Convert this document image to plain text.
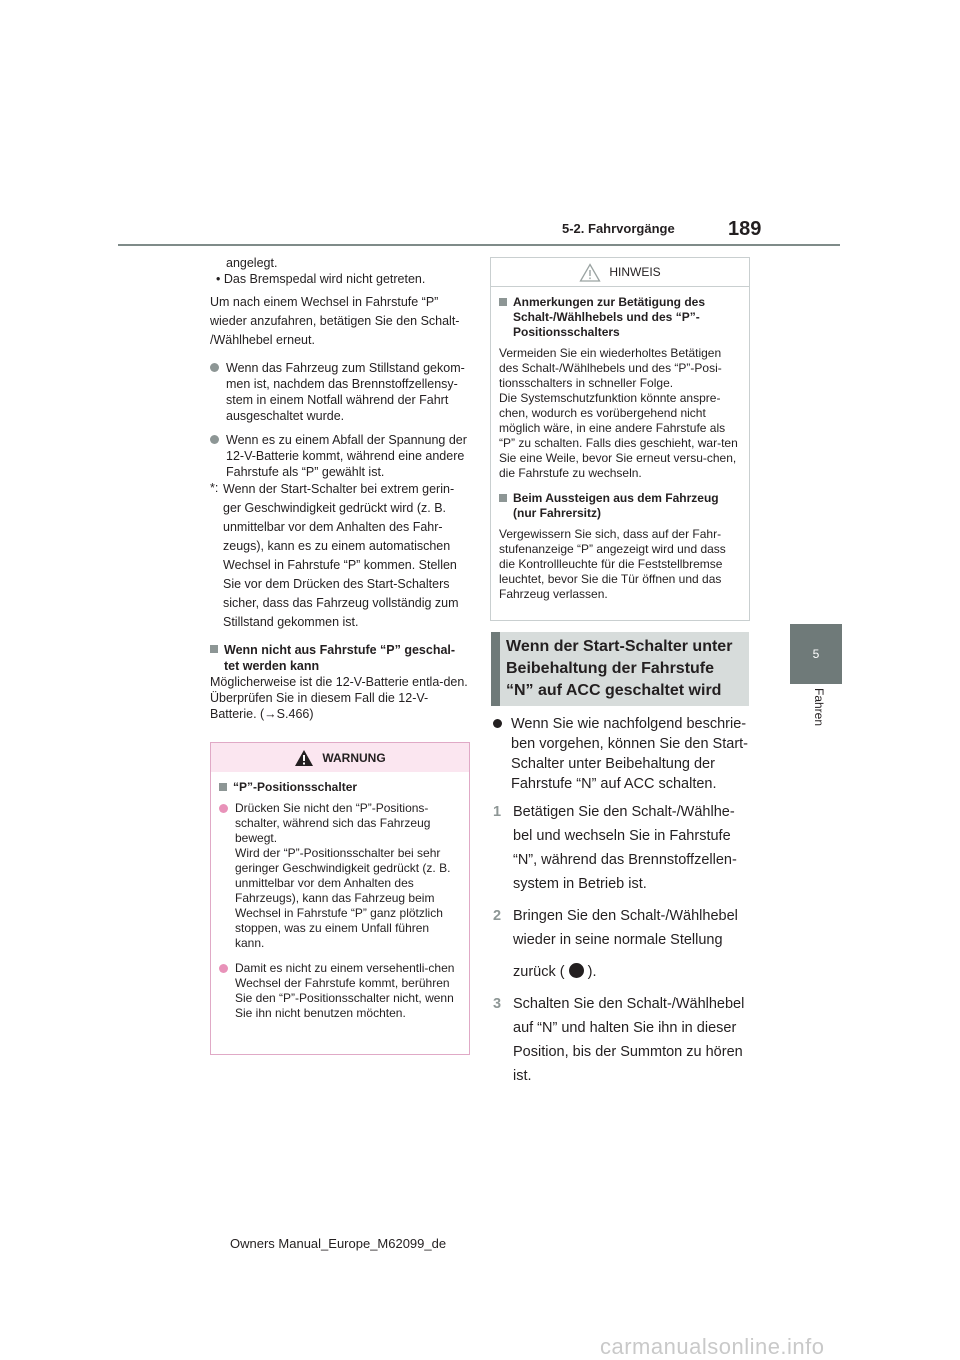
189
5-2. Fahrvorgänge
5
Fahren
angelegt.
• Das Bremspedal wird nicht getreten.
Um nach einem Wechsel in Fahrstufe “P”
wieder anzufahren, betätigen Sie den Schalt-
/Wählhebel erneut.
Wenn das Fahrzeug zum Stillstand gekom-men ist, nachdem das Brennstoffzellensy-stem in einem Notfall während der Fahrt ausgeschaltet wurde.
Wenn es zu einem Abfall der Spannung der 12-V-Batterie kommt, während eine andere Fahrstufe als “P” gewählt ist.
*: Wenn der Start-Schalter bei extrem gerin-
ger Geschwindigkeit gedrückt wird (z. B.
unmittelbar vor dem Anhalten des Fahr-
zeugs), kann es zu einem automatischen
Wechsel in Fahrstufe “P” kommen. Stellen
Sie vor dem Drücken des Start-Schalters
sicher, dass das Fahrzeug vollständig zum
Stillstand gekommen ist.
Wenn nicht aus Fahrstufe “P” geschal-tet werden kann
Möglicherweise ist die 12-V-Batterie entla-den. Überprüfen Sie in diesem Fall die 12-V-Batterie. (→S.466)
WARNUNG
“P”-Positionsschalter
Drücken Sie nicht den “P”-Positions-schalter, während sich das Fahrzeug bewegt.
Wird der “P”-Positionsschalter bei sehr geringer Geschwindigkeit gedrückt (z. B. unmittelbar vor dem Anhalten des Fahrzeugs), kann das Fahrzeug beim Wechsel in Fahrstufe “P” ganz plötzlich stoppen, was zu einem Unfall führen kann.
Damit es nicht zu einem versehentli-chen Wechsel der Fahrstufe kommt, berühren Sie den “P”-Positionsschalter nicht, wenn Sie ihn nicht benutzen möchten.
HINWEIS
Anmerkungen zur Betätigung des Schalt-/Wählhebels und des “P”-Positionsschalters
Vermeiden Sie ein wiederholtes Betätigen des Schalt-/Wählhebels und des “P”-Posi-tionsschalters in schneller Folge.
Die Systemschutzfunktion könnte anspre-chen, wodurch es vorübergehend nicht möglich wäre, in eine andere Fahrstufe als “P” zu schalten. Falls dies geschieht, war-ten Sie eine Weile, bevor Sie erneut versu-chen, die Fahrstufe zu wechseln.
Beim Aussteigen aus dem Fahrzeug (nur Fahrersitz)
Vergewissern Sie sich, dass auf der Fahr-stufenanzeige “P” angezeigt wird und dass die Kontrollleuchte für die Feststellbremse leuchtet, bevor Sie die Tür öffnen und das Fahrzeug verlassen.
Wenn der Start-Schalter unter Beibehaltung der Fahrstufe “N” auf ACC geschaltet wird
Wenn Sie wie nachfolgend beschrie-ben vorgehen, können Sie den Start-Schalter unter Beibehaltung der Fahrstufe “N” auf ACC schalten.
1 Betätigen Sie den Schalt-/Wählhe-bel und wechseln Sie in Fahrstufe “N”, während das Brennstoffzellen-system in Betrieb ist.
2 Bringen Sie den Schalt-/Wählhebel wieder in seine normale Stellung
zurück ( ).
3 Schalten Sie den Schalt-/Wählhebel auf “N” und halten Sie ihn in dieser Position, bis der Summton zu hören ist.
Owners Manual_Europe_M62099_de
carmanualsonline.info
